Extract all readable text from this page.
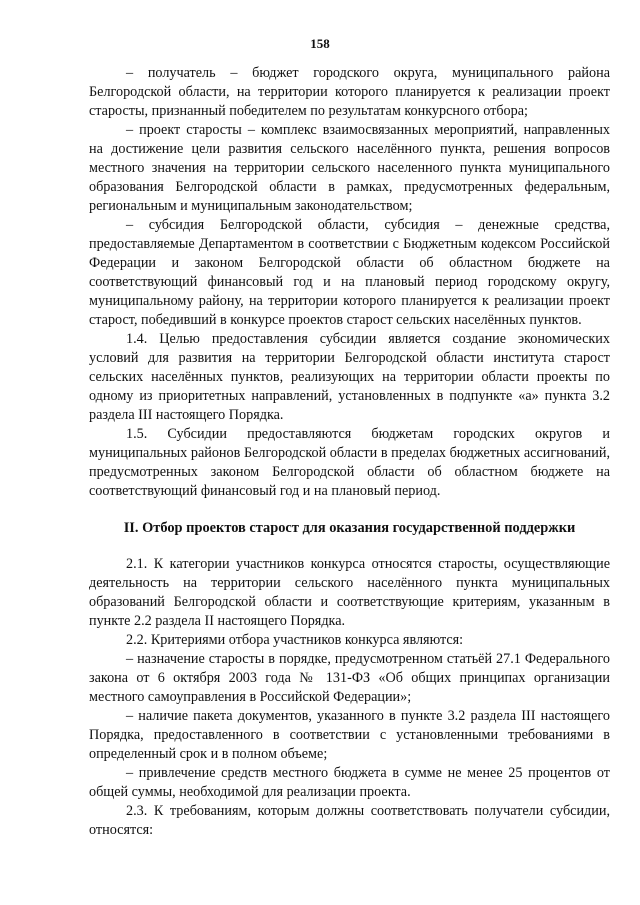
158

– получатель – бюджет городского округа, муниципального района Белгородской области, на территории которого планируется к реализации проект старосты, признанный победителем по результатам конкурсного отбора;

– проект старосты – комплекс взаимосвязанных мероприятий, направленных на достижение цели развития сельского населённого пункта, решения вопросов местного значения на территории сельского населенного пункта муниципального образования Белгородской области в рамках, предусмотренных федеральным, региональным и муниципальным законодательством;

– субсидия Белгородской области, субсидия – денежные средства, предоставляемые Департаментом в соответствии с Бюджетным кодексом Российской Федерации и законом Белгородской области об областном бюджете на соответствующий финансовый год и на плановый период городскому округу, муниципальному району, на территории которого планируется к реализации проект старост, победивший в конкурсе проектов старост сельских населённых пунктов.

1.4. Целью предоставления субсидии является создание экономических условий для развития на территории Белгородской области института старост сельских населённых пунктов, реализующих на территории области проекты по одному из приоритетных направлений, установленных в подпункте «а» пункта 3.2 раздела III настоящего Порядка.

1.5. Субсидии предоставляются бюджетам городских округов и муниципальных районов Белгородской области в пределах бюджетных ассигнований, предусмотренных законом Белгородской области об областном бюджете на соответствующий финансовый год и на плановый период.

II. Отбор проектов старост для оказания государственной поддержки

2.1. К категории участников конкурса относятся старосты, осуществляющие деятельность на территории сельского населённого пункта муниципальных образований Белгородской области и соответствующие критериям, указанным в пункте 2.2 раздела II настоящего Порядка.

2.2. Критериями отбора участников конкурса являются:

– назначение старосты в порядке, предусмотренном статьёй 27.1 Федерального закона от 6 октября 2003 года № 131-ФЗ «Об общих принципах организации местного самоуправления в Российской Федерации»;

– наличие пакета документов, указанного в пункте 3.2 раздела III настоящего Порядка, предоставленного в соответствии с установленными требованиями в определенный срок и в полном объеме;

– привлечение средств местного бюджета в сумме не менее 25 процентов от общей суммы, необходимой для реализации проекта.

2.3. К требованиям, которым должны соответствовать получатели субсидии, относятся:
